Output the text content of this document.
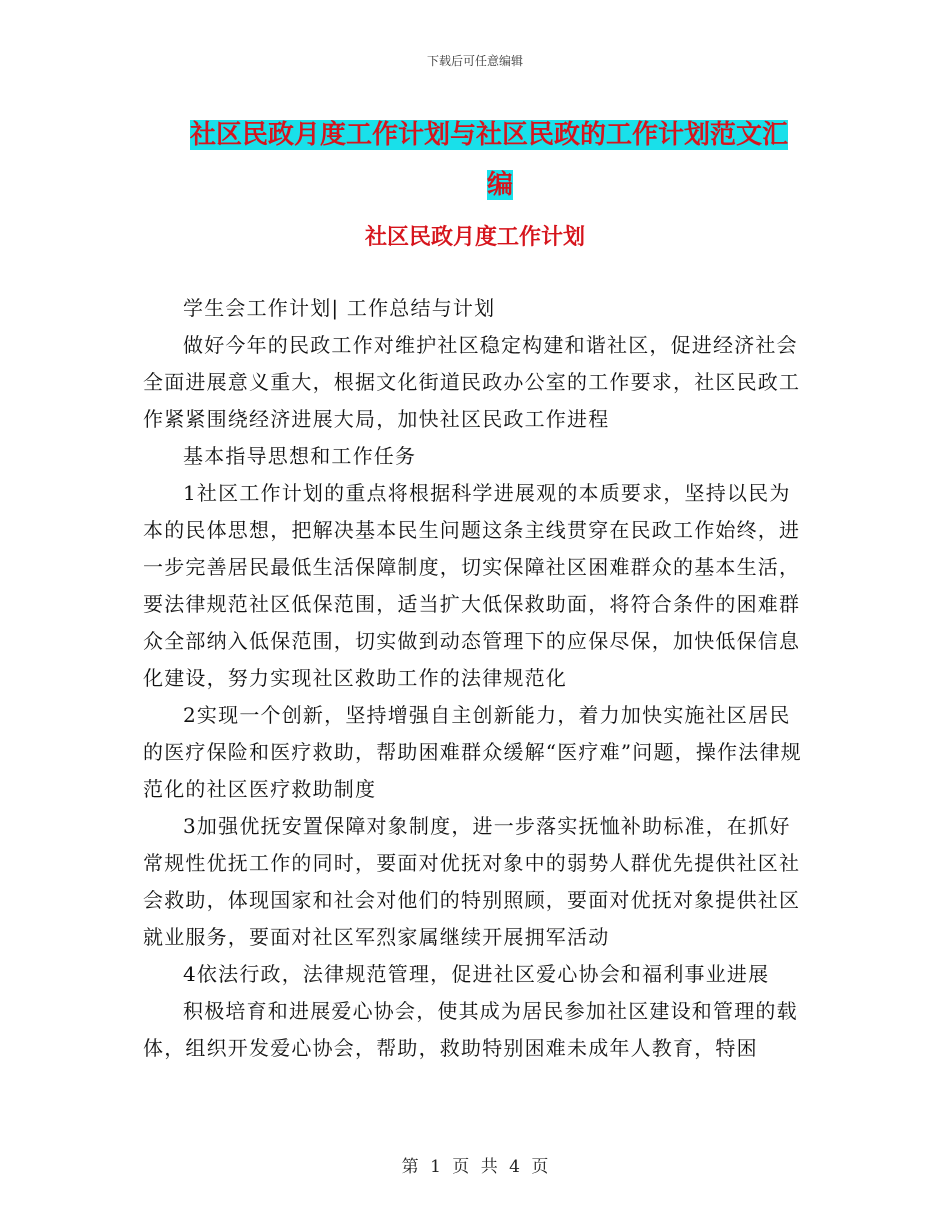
下载后可任意编辑
社区民政月度工作计划与社区民政的工作计划范文汇
编
社区民政月度工作计划

学生会工作计划| 工作总结与计划

做好今年的民政工作对维护社区稳定构建和谐社区，促进经济社会全面进展意义重大，根据文化街道民政办公室的工作要求，社区民政工作紧紧围绕经济进展大局，加快社区民政工作进程

基本指导思想和工作任务

1社区工作计划的重点将根据科学进展观的本质要求，坚持以民为本的民体思想，把解决基本民生问题这条主线贯穿在民政工作始终，进一步完善居民最低生活保障制度，切实保障社区困难群众的基本生活，要法律规范社区低保范围，适当扩大低保救助面，将符合条件的困难群众全部纳入低保范围，切实做到动态管理下的应保尽保，加快低保信息化建设，努力实现社区救助工作的法律规范化

2实现一个创新，坚持增强自主创新能力，着力加快实施社区居民的医疗保险和医疗救助，帮助困难群众缓解“医疗难”问题，操作法律规范化的社区医疗救助制度

3加强优抚安置保障对象制度，进一步落实抚恤补助标准，在抓好常规性优抚工作的同时，要面对优抚对象中的弱势人群优先提供社区社会救助，体现国家和社会对他们的特别照顾，要面对优抚对象提供社区就业服务，要面对社区军烈家属继续开展拥军活动

4依法行政，法律规范管理，促进社区爱心协会和福利事业进展

积极培育和进展爱心协会，使其成为居民参加社区建设和管理的载体，组织开发爱心协会，帮助，救助特别困难未成年人教育，特困

第 1 页 共 4 页
